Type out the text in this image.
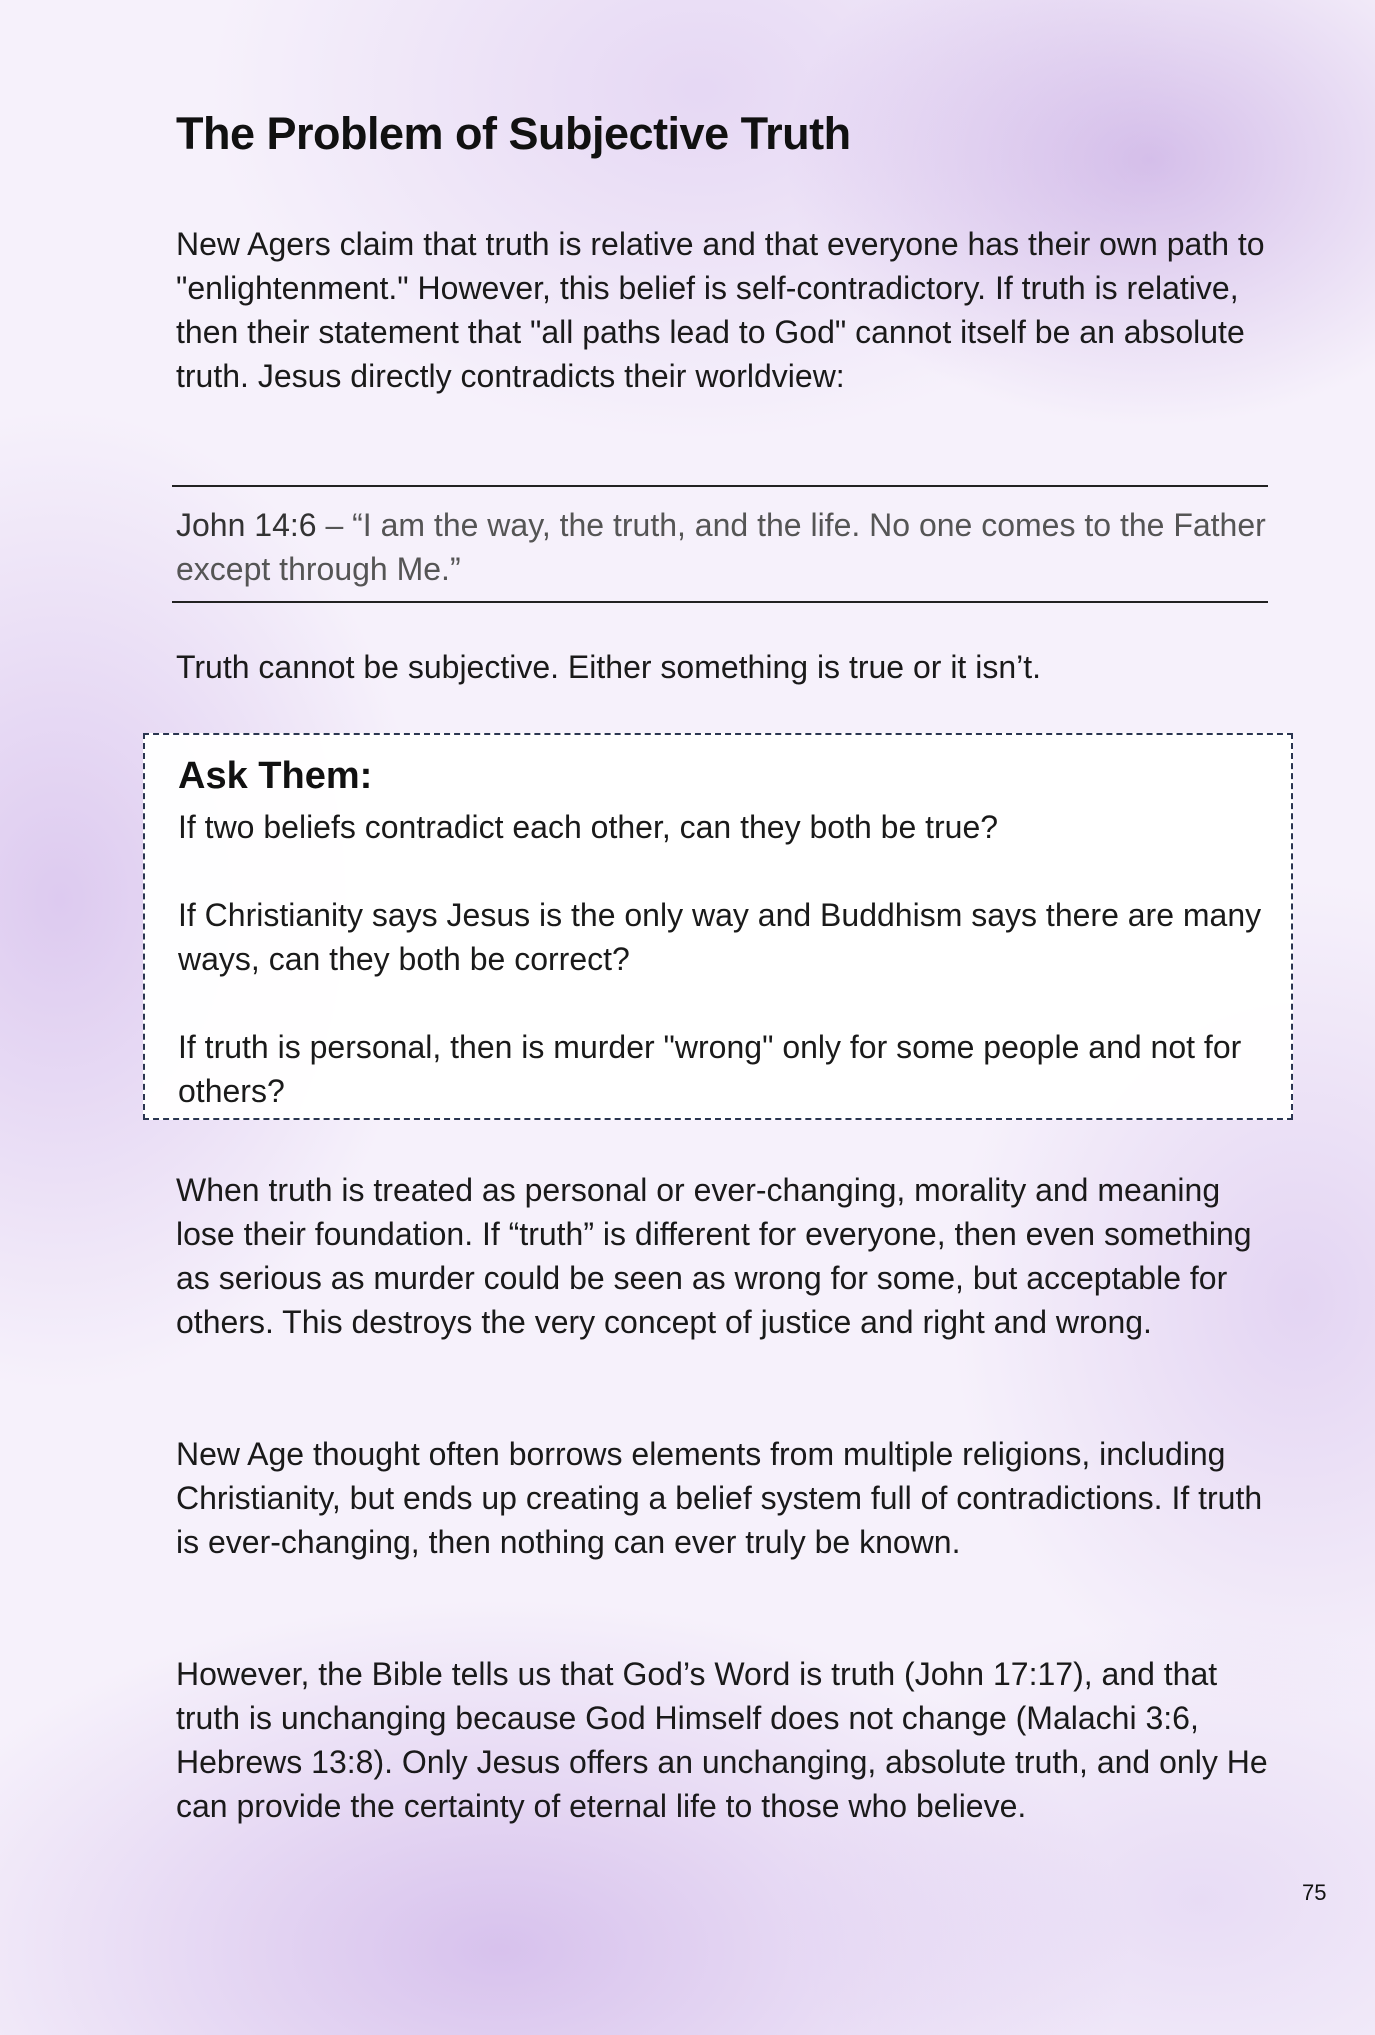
The Problem of Subjective Truth

New Agers claim that truth is relative and that everyone has their own path to "enlightenment." However, this belief is self-contradictory. If truth is relative, then their statement that "all paths lead to God" cannot itself be an absolute truth. Jesus directly contradicts their worldview:

John 14:6 – “I am the way, the truth, and the life. No one comes to the Father except through Me.”

Truth cannot be subjective. Either something is true or it isn’t.

Ask Them:

If two beliefs contradict each other, can they both be true?

If Christianity says Jesus is the only way and Buddhism says there are many ways, can they both be correct?

If truth is personal, then is murder "wrong" only for some people and not for others?

When truth is treated as personal or ever-changing, morality and meaning lose their foundation. If “truth” is different for everyone, then even something as serious as murder could be seen as wrong for some, but acceptable for others. This destroys the very concept of justice and right and wrong.

New Age thought often borrows elements from multiple religions, including Christianity, but ends up creating a belief system full of contradictions. If truth is ever-changing, then nothing can ever truly be known.

However, the Bible tells us that God’s Word is truth (John 17:17), and that truth is unchanging because God Himself does not change (Malachi 3:6, Hebrews 13:8). Only Jesus offers an unchanging, absolute truth, and only He can provide the certainty of eternal life to those who believe.

75
